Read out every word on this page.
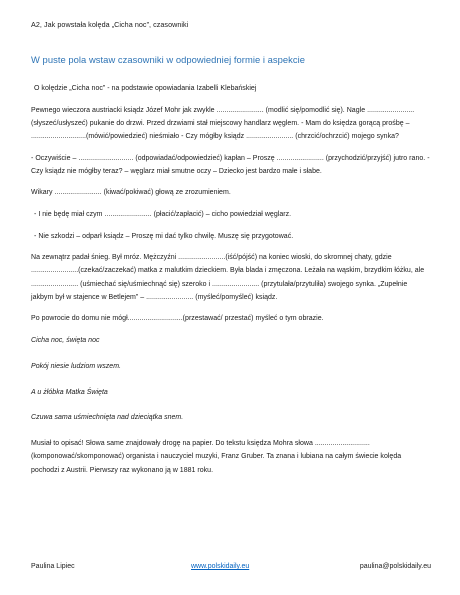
A2, Jak powstała kolęda „Cicha noc”, czasowniki
W puste pola wstaw czasowniki w odpowiedniej formie i aspekcie

O kolędzie „Cicha noc” - na podstawie opowiadania Izabelli Klebańskiej

Pewnego wieczora austriacki ksiądz Józef Mohr jak zwykle ........................ (modlić się/pomodlić się). Nagle ........................ (słyszeć/usłyszeć) pukanie do drzwi. Przed drzwiami stał miejscowy handlarz węglem. - Mam do księdza gorącą prośbę – ............................(mówić/powiedzieć) nieśmiało - Czy mógłby ksiądz ........................ (chrzcić/ochrzcić) mojego synka?

- Oczywiście – ............................ (odpowiadać/odpowiedzieć) kapłan – Proszę ........................ (przychodzić/przyjść) jutro rano. - Czy ksiądz nie mógłby teraz? – węglarz miał smutne oczy – Dziecko jest bardzo małe i słabe.

Wikary ........................ (kiwać/pokiwać) głową ze zrozumieniem.

- I nie będę miał czym ........................ (płacić/zapłacić) – cicho powiedział węglarz.

- Nie szkodzi – odparł ksiądz – Proszę mi dać tylko chwilę. Muszę się przygotować.

Na zewnątrz padał śnieg. Był mróz. Mężczyźni ........................(iść/pójść) na koniec wioski, do skromnej chaty, gdzie ........................(czekać/zaczekać) matka z malutkim dzieckiem. Była blada i zmęczona. Leżała na wąskim, brzydkim łóżku, ale ........................ (uśmiechać się/uśmiechnąć się) szeroko i ........................ (przytulała/przytuliła) swojego synka. „Zupełnie jakbym był w stajence w Betlejem” – ........................ (myśleć/pomyśleć) ksiądz.

Po powrocie do domu nie mógł............................(przestawać/ przestać) myśleć o tym obrazie.

Cicha noc, święta noc

Pokój niesie ludziom wszem.

A u żłóbka Matka Święta

Czuwa sama uśmiechnięta nad dzieciątka snem.

Musiał to opisać! Słowa same znajdowały drogę na papier. Do tekstu księdza Mohra słowa ............................ (komponować/skomponować) organista i nauczyciel muzyki, Franz Gruber. Ta znana i lubiana na całym świecie kolęda pochodzi z Austrii. Pierwszy raz wykonano ją w 1881 roku.

Paulina Lipiec	www.polskidaily.eu	paulina@polskidaily.eu
